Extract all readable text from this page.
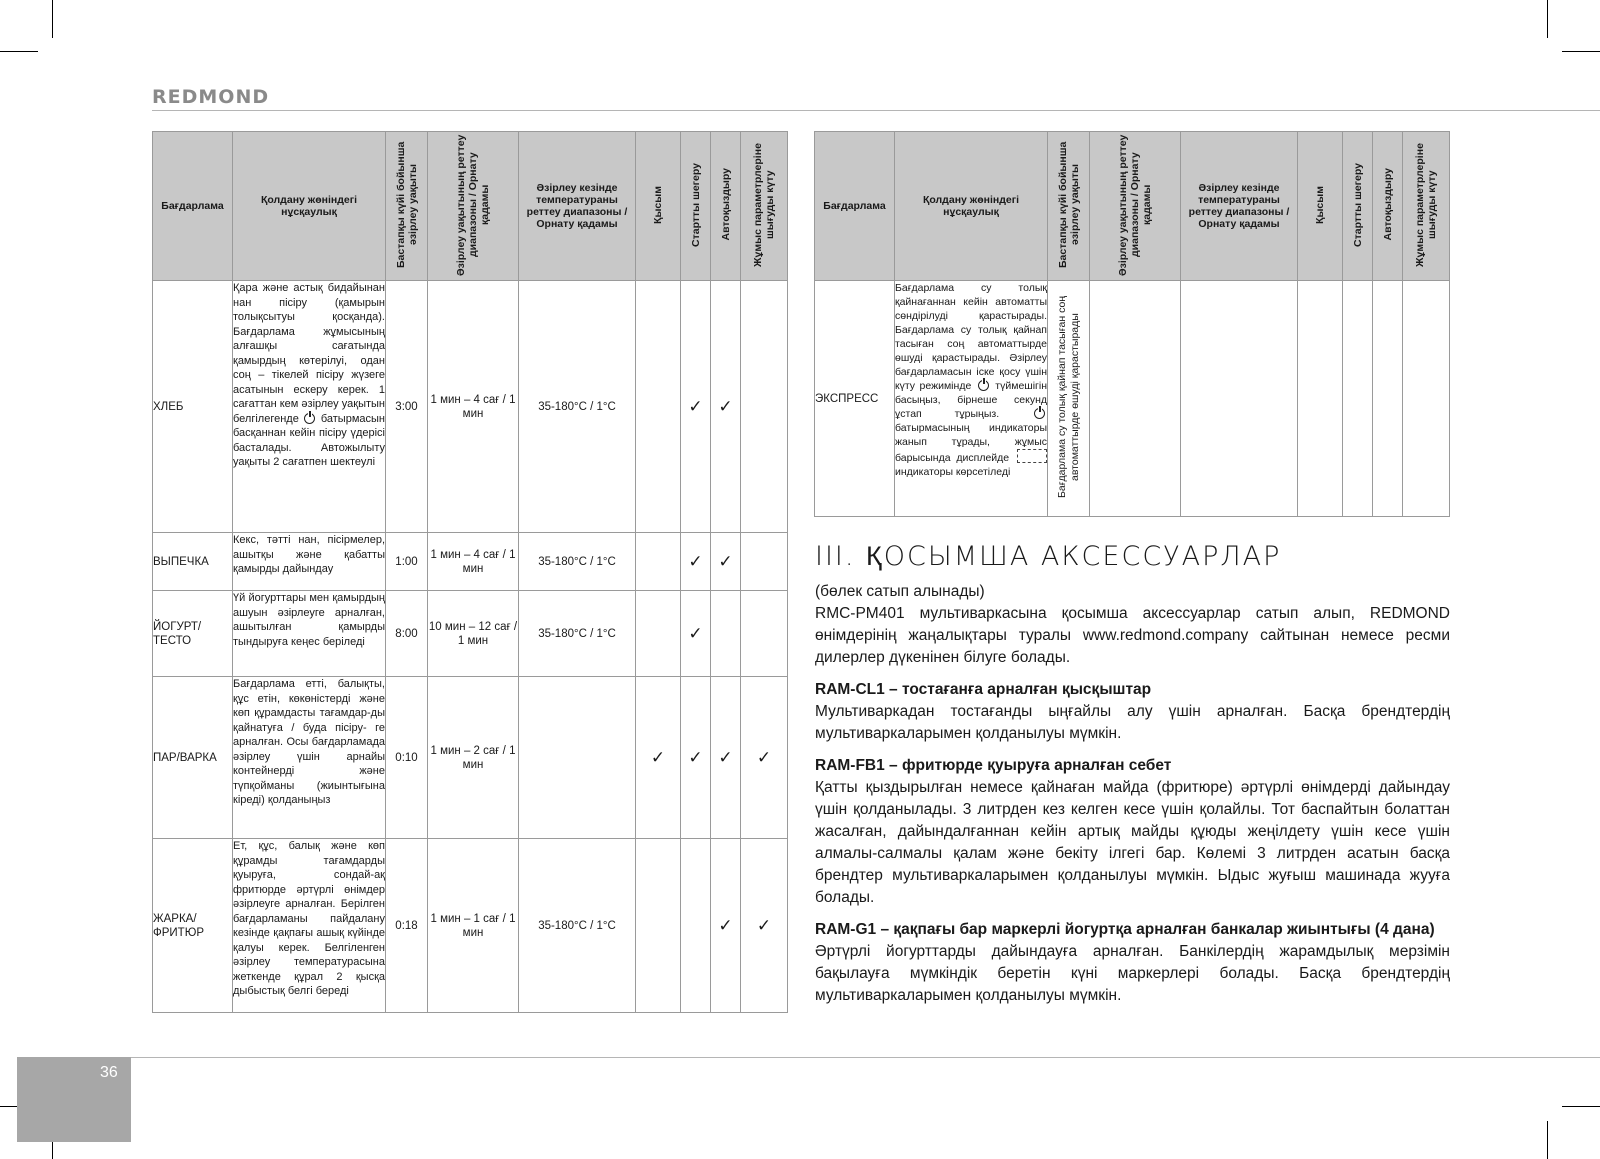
REDMOND
Бағдарлама	Қолдану жөніндегі нұсқаулық	Бастапқы күйі бойынша әзірлеу уақыты	Әзірлеу уақытының реттеу диапазоны / Орнату қадамы	Әзірлеу кезінде температураны реттеу диапазоны / Орнату қадамы	Қысым	Стартты шегеру	Автоқыздыру	Жұмыс параметрлеріне шығуды күту
ХЛЕБ	Қара және астық бидайынан нан пісіру (қамырын толықсытуы қосқанда). Бағдарлама жұмысының алғашқы сағатында қамырдың көтерілуі, одан соң – тікелей пісіру жүзеге асатынын ескеру керек. 1 сағаттан кем әзірлеу уақытын белгілегенде батырмасын басқаннан кейін пісіру үдерісі басталады. Автожылыту уақыты 2 сағатпен шектеулі	3:00	1 мин – 4 сағ / 1 мин	35-180°С / 1°С		✓	✓	
ВЫПЕЧКА	Кекс, тәтті нан, пісірмелер, ашытқы және қабатты қамырды дайындау	1:00	1 мин – 4 сағ / 1 мин	35-180°С / 1°С		✓	✓	
ЙОГУРТ/ ТЕСТО	Үй йогурттары мен қамырдың ашуын әзірлеуге арналған, ашытылған қамырды тындыруға кеңес беріледі	8:00	10 мин – 12 сағ / 1 мин	35-180°С / 1°С		✓		
ПАР/ВАРКА	Бағдарлама етті, балықты, құс етін, көкөністерді және көп құрамдасты тағамдар-ды қайнатуға / буда пісіру- ге арналған. Осы бағдарламада әзірлеу үшін арнайы контейнерді және түпқойманы (жиынтығына кіреді) қолданыңыз	0:10	1 мин – 2 сағ / 1 мин		✓	✓	✓	✓
ЖАРКА/ ФРИТЮР	Ет, құс, балық және көп құрамды тағамдарды қуыруға, сондай-ақ фритюрде әртүрлі өнімдер әзірлеуге арналған. Берілген бағдарламаны пайдалану кезінде қақпағы ашық күйінде қалуы керек. Белгіленген әзірлеу температурасына жеткенде құрал 2 қысқа дыбыстық белгі береді	0:18	1 мин – 1 сағ / 1 мин	35-180°С / 1°С			✓	✓
Бағдарлама	Қолдану жөніндегі нұсқаулық	Бастапқы күйі бойынша әзірлеу уақыты	Әзірлеу уақытының реттеу диапазоны / Орнату қадамы	Әзірлеу кезінде температураны реттеу диапазоны / Орнату қадамы	Қысым	Стартты шегеру	Автоқыздыру	Жұмыс параметрлеріне шығуды күту
ЭКСПРЕСС	Бағдарлама су толық қайнағаннан кейін автоматты сөндірілуді қарастырады. Бағдарлама су толық қайнап тасыған соң автоматтырде өшуді қарастырады. Әзірлеу бағдарламасын іске қосу үшін күту режимінде түймешігін басыңыз, бірнеше секунд ұстап тұрыңыз.  батырмасының индикаторы жанып тұрады, жұмыс барысында дисплейде  индикаторы көрсетіледі	Бағдарлама су толық қайнап тасыған соң автоматтырде өшуді қарастырады						
III. ҚОСЫМША АКСЕССУАРЛАР
(бөлек сатып алынады)
RMC-PM401 мультиваркасына қосымша аксессуарлар сатып алып, REDMOND өнімдерінің жаңалықтары туралы www.redmond.company сайтынан немесе ресми дилерлер дүкенінен білуге болады.
RAM-CL1 – тостағанға арналған қысқыштар
Мультиваркадан тостағанды ыңғайлы алу үшін арналған. Басқа брендтердің мультиваркаларымен қолданылуы мүмкін.
RAM-FB1 – фритюрде қуыруға арналған себет
Қатты қыздырылған немесе қайнаған майда (фритюре) әртүрлі өнімдерді дайындау үшін қолданылады. 3 литрден кез келген кесе үшін қолайлы. Тот баспайтын болаттан жасалған, дайындалғаннан кейін артық майды құюды жеңілдету үшін кесе үшін алмалы-салмалы қалам және бекіту ілгегі бар. Көлемі 3 литрден асатын басқа брендтер мультиваркаларымен қолданылуы мүмкін. Ыдыс жуғыш машинада жууға болады.
RAM-G1 – қақпағы бар маркерлі йогуртқа арналған банкалар жиынтығы (4 дана)
Әртүрлі йогурттарды дайындауға арналған. Банкілердің жарамдылық мерзімін бақылауға мүмкіндік беретін күні маркерлері болады. Басқа брендтердің мультиваркаларымен қолданылуы мүмкін.
36
